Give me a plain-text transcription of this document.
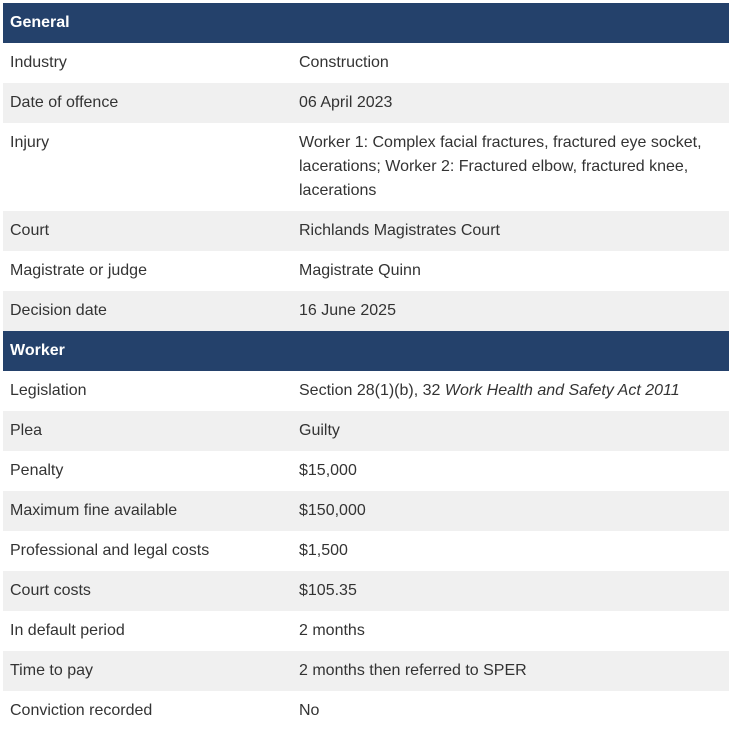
General	
Industry	Construction
Date of offence	06 April 2023
Injury	Worker 1: Complex facial fractures, fractured eye socket, lacerations; Worker 2: Fractured elbow, fractured knee, lacerations
Court	Richlands Magistrates Court
Magistrate or judge	Magistrate Quinn
Decision date	16 June 2025
Worker	
Legislation	Section 28(1)(b), 32 Work Health and Safety Act 2011
Plea	Guilty
Penalty	$15,000
Maximum fine available	$150,000
Professional and legal costs	$1,500
Court costs	$105.35
In default period	2 months
Time to pay	2 months then referred to SPER
Conviction recorded	No
